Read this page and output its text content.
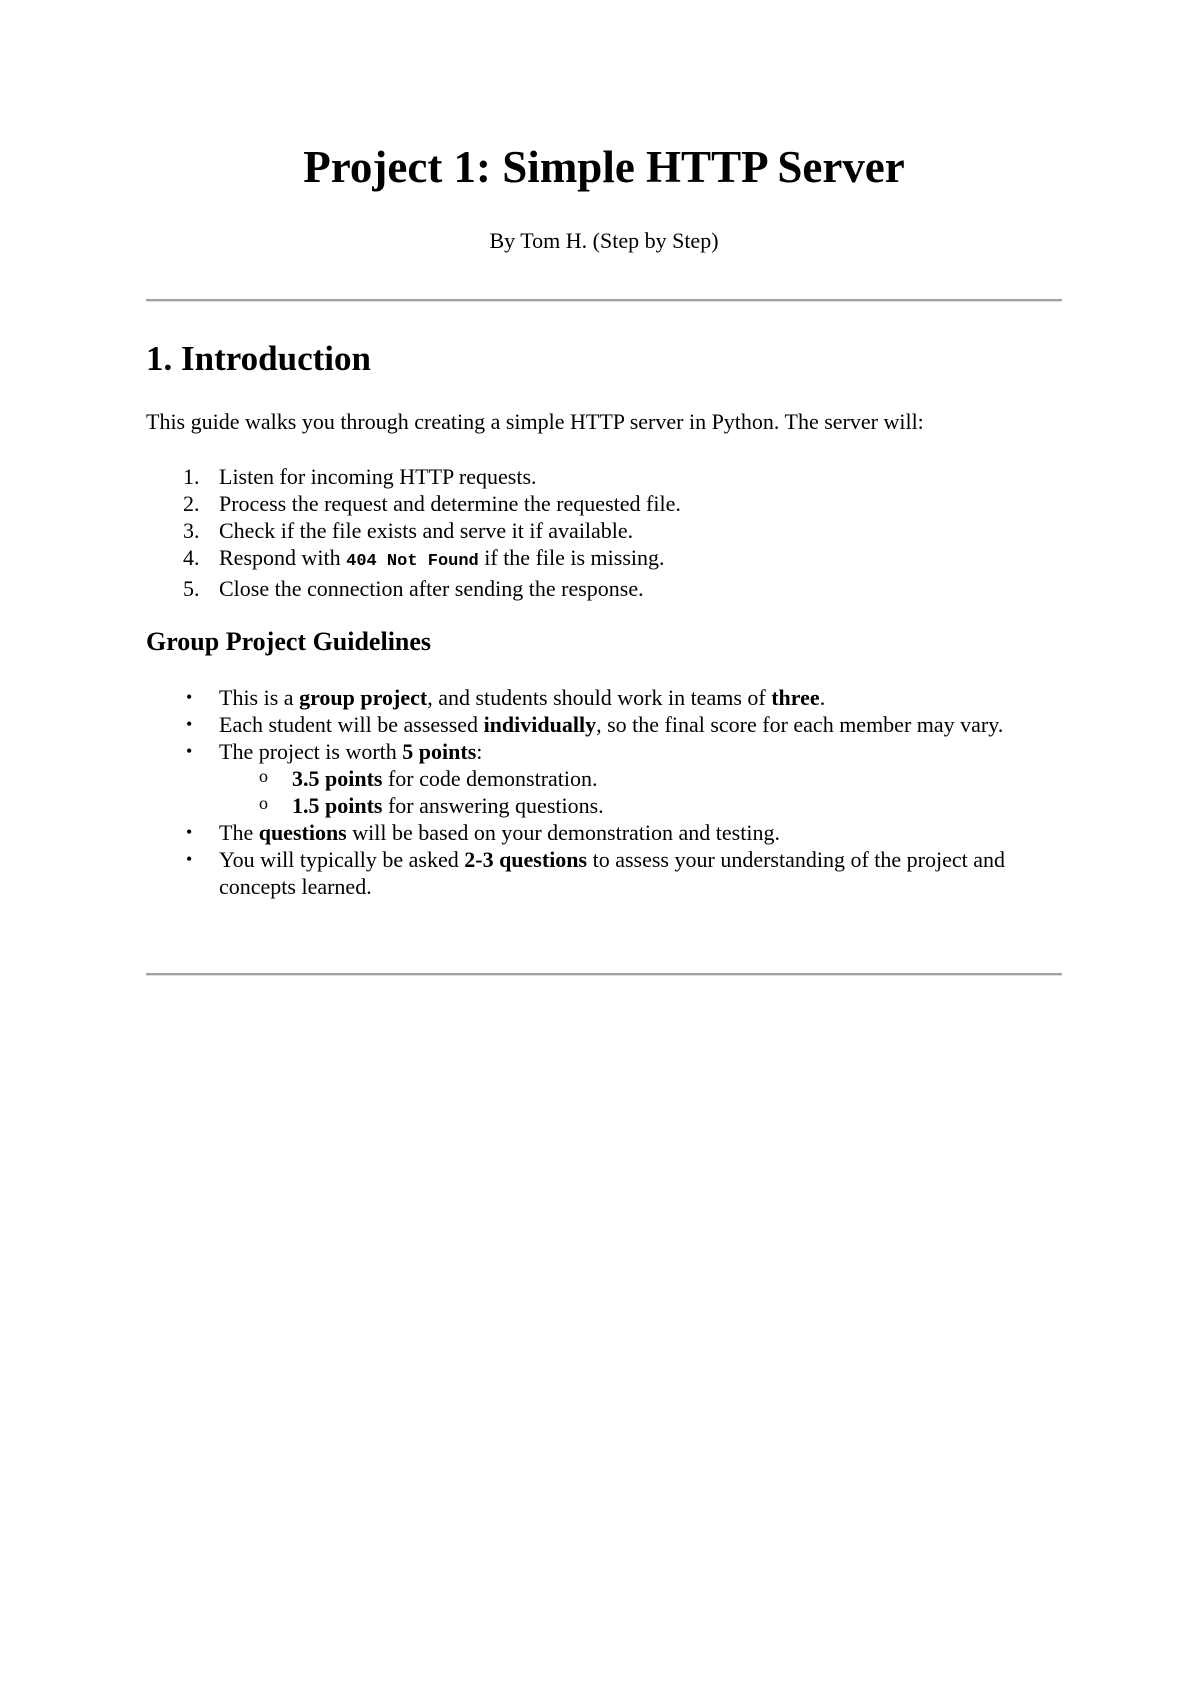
Project 1: Simple HTTP Server

By Tom H. (Step by Step)

1. Introduction

This guide walks you through creating a simple HTTP server in Python. The server will:

1. Listen for incoming HTTP requests.
2. Process the request and determine the requested file.
3. Check if the file exists and serve it if available.
4. Respond with 404 Not Found if the file is missing.
5. Close the connection after sending the response.
Group Project Guidelines
• This is a group project, and students should work in teams of three.
• Each student will be assessed individually, so the final score for each member may vary.
• The project is worth 5 points:
o 3.5 points for code demonstration.
o 1.5 points for answering questions.
• The questions will be based on your demonstration and testing.
• You will typically be asked 2-3 questions to assess your understanding of the project and concepts learned.
